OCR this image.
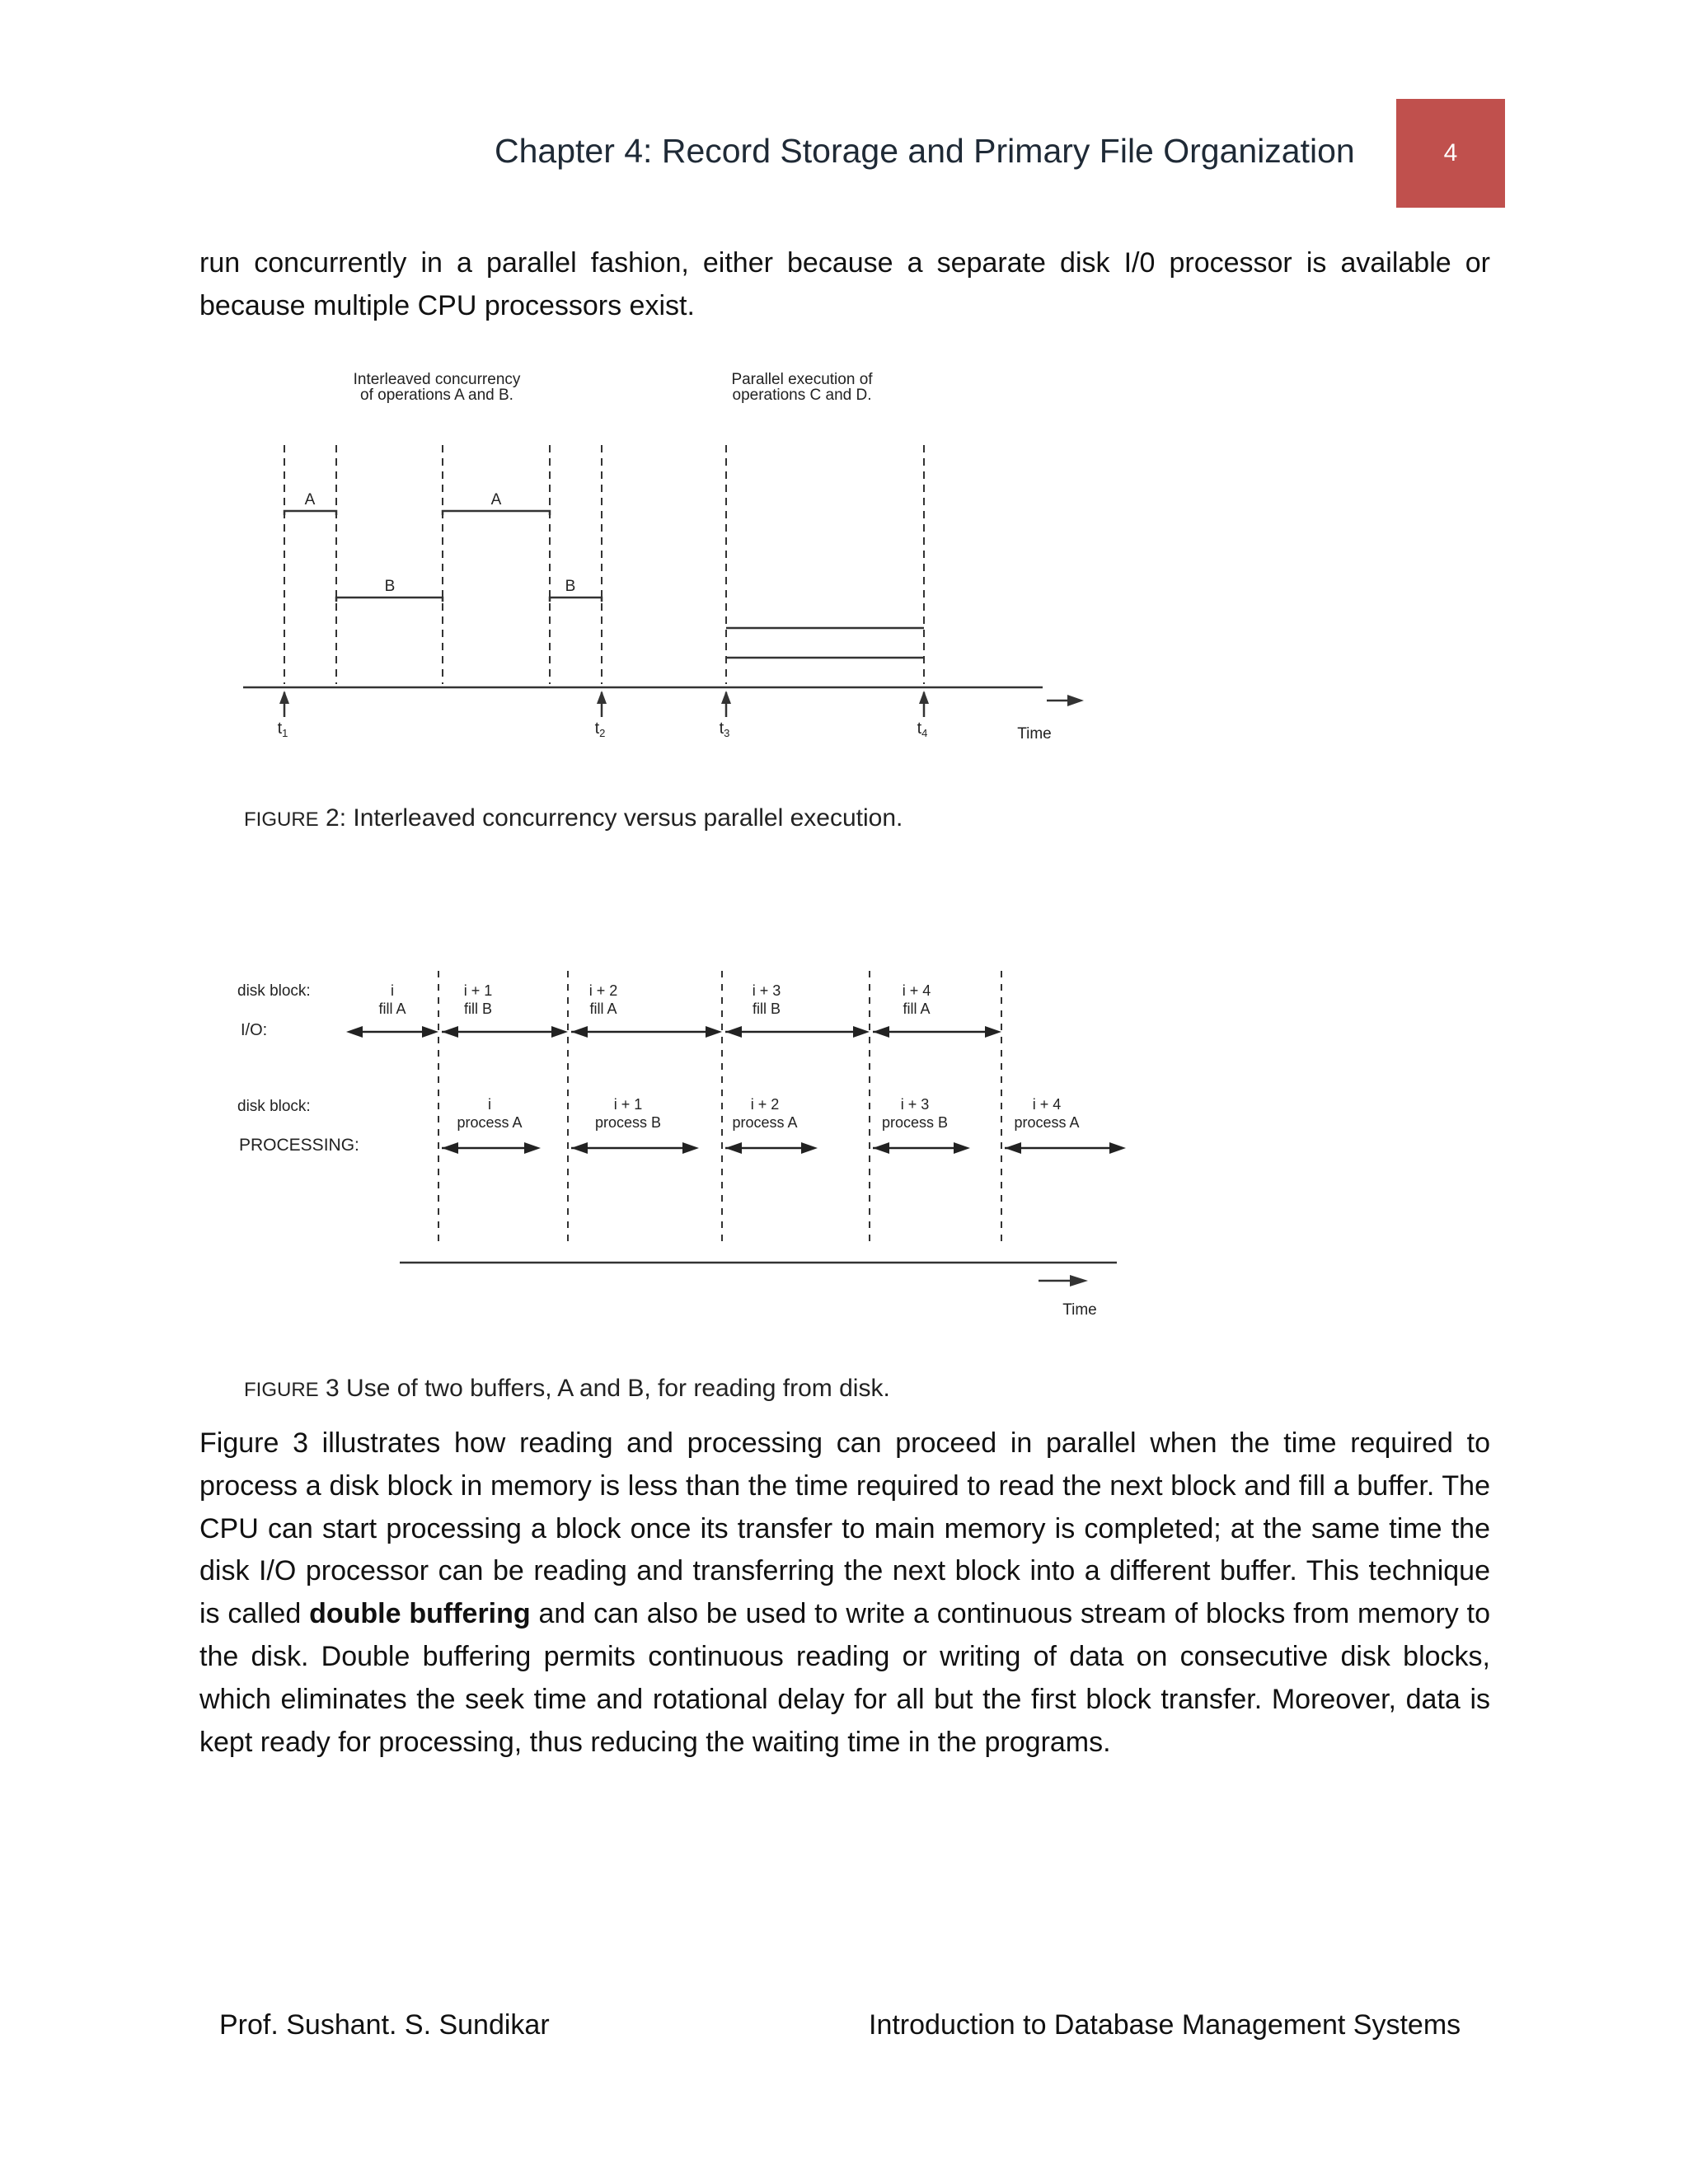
Chapter 4: Record Storage and Primary File Organization	4
run concurrently in a parallel fashion, either because a separate disk I/0 processor is available or because multiple CPU processors exist.
Interleaved concurrency
of operations A and B.
Parallel execution of
operations C and D.
A	A
B	B
$t_1$	$t_2$	$t_3$	$t_4$	Time
FIGURE 2: Interleaved concurrency versus parallel execution.
Time
disk block:
I/O:
disk block:
PROCESSING:
i
fill A
i + 1
fill B
i + 2
fill A
i + 3
fill B
i + 4
fill A
i
process A
i + 1
process B
i + 2
process A
i + 3
process B
i + 4
process A
FIGURE 3 Use of two buffers, A and B, for reading from disk.
Figure 3 illustrates how reading and processing can proceed in parallel when the time required to process a disk block in memory is less than the time required to read the next block and fill a buffer. The CPU can start processing a block once its transfer to main memory is completed; at the same time the disk I/O processor can be reading and transferring the next block into a different buffer. This technique is called double buffering and can also be used to write a continuous stream of blocks from memory to the disk. Double buffering permits continuous reading or writing of data on consecutive disk blocks, which eliminates the seek time and rotational delay for all but the first block transfer. Moreover, data is kept ready for processing, thus reducing the waiting time in the programs.
Prof. Sushant. S. Sundikar	Introduction to Database Management Systems
